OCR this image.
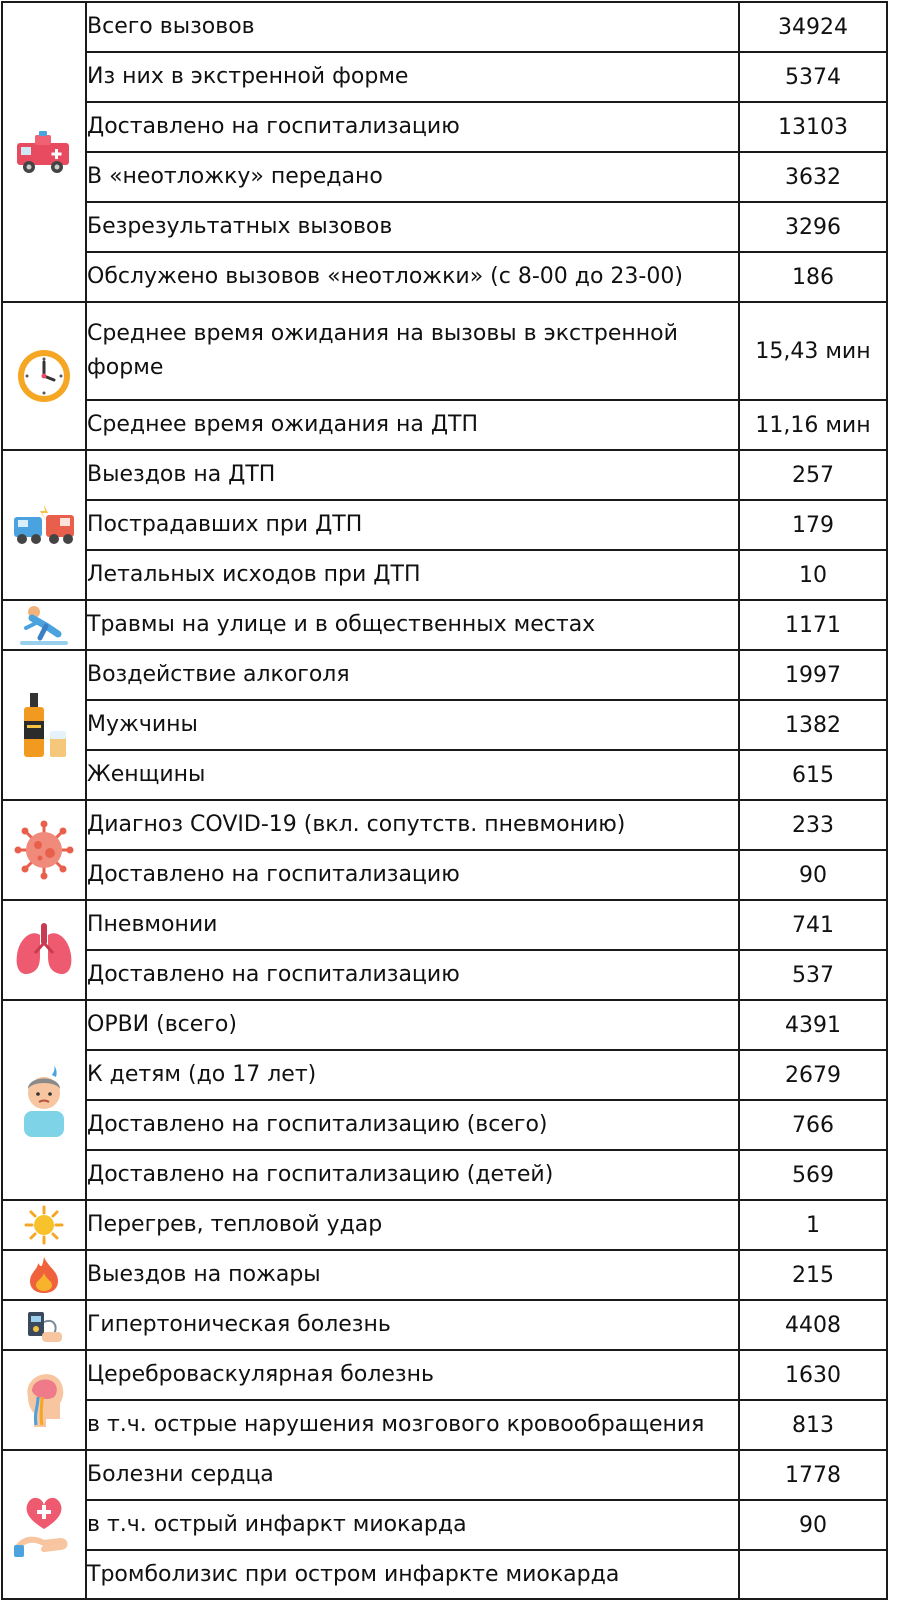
	Всего вызовов	34924
	Из них в экстренной форме	5374
	Доставлено на госпитализацию	13103
	В «неотложку» передано	3632
	Безрезультатных вызовов	3296
	Обслужено вызовов «неотложки» (с 8-00 до 23-00)	186

	Среднее время ожидания на вызовы в экстренной форме	15,43 мин
	Среднее время ожидания на ДТП	11,16 мин

	Выездов на ДТП	257
	Пострадавших при ДТП	179
	Летальных исходов при ДТП	10

	Травмы на улице и в общественных местах	1171

	Воздействие алкоголя	1997
	Мужчины	1382
	Женщины	615

	Диагноз COVID-19 (вкл. сопутств. пневмонию)	233
	Доставлено на госпитализацию	90

	Пневмонии	741
	Доставлено на госпитализацию	537

	ОРВИ (всего)	4391
	К детям (до 17 лет)	2679
	Доставлено на госпитализацию (всего)	766
	Доставлено на госпитализацию (детей)	569

	Перегрев, тепловой удар	1

	Выездов на пожары	215

	Гипертоническая болезнь	4408

	Цереброваскулярная болезнь	1630
	в т.ч. острые нарушения мозгового кровообращения	813

	Болезни сердца	1778
	в т.ч. острый инфаркт миокарда	90
	Тромболизис при остром инфаркте миокарда	
